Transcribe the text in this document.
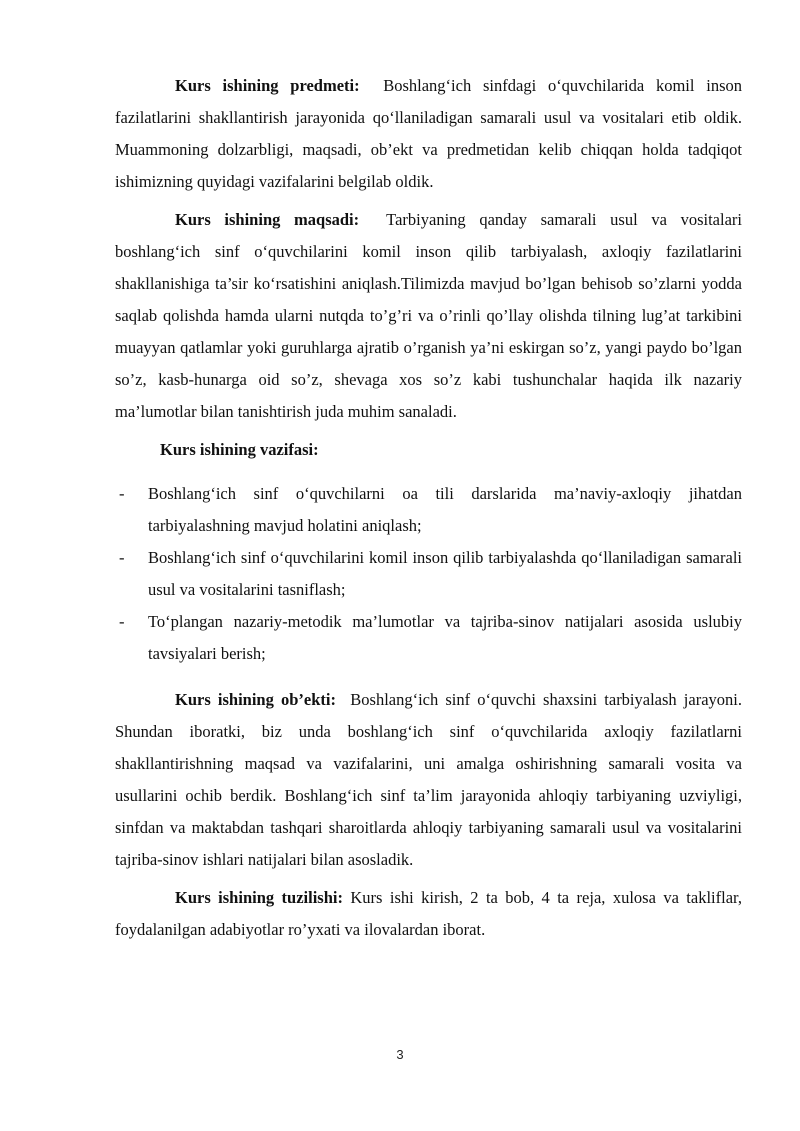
Kurs ishining predmeti: Boshlang‘ich sinfdagi o‘quvchilarida komil inson fazilatlarini shakllantirish jarayonida qo‘llaniladigan samarali usul va vositalari etib oldik. Muammoning dolzarbligi, maqsadi, ob’ekt va predmetidan kelib chiqqan holda tadqiqot ishimizning quyidagi vazifalarini belgilab oldik.

Kurs ishining maqsadi: Tarbiyaning qanday samarali usul va vositalari boshlang‘ich sinf o‘quvchilarini komil inson qilib tarbiyalash, axloqiy fazilatlarini shakllanishiga ta’sir ko‘rsatishini aniqlash.Tilimizda mavjud bo’lgan behisob so’zlarni yodda saqlab qolishda hamda ularni nutqda to’g’ri va o’rinli qo’llay olishda tilning lug’at tarkibini muayyan qatlamlar yoki guruhlarga ajratib o’rganish ya’ni eskirgan so’z, yangi paydo bo’lgan so’z, kasb-hunarga oid so’z, shevaga xos so’z kabi tushunchalar haqida ilk nazariy ma’lumotlar bilan tanishtirish juda muhim sanaladi.

Kurs ishining vazifasi:
- Boshlang‘ich sinf o‘quvchilarni oa tili darslarida ma’naviy-axloqiy jihatdan tarbiyalashning mavjud holatini aniqlash;
- Boshlang‘ich sinf o‘quvchilarini komil inson qilib tarbiyalashda qo‘llaniladigan samarali usul va vositalarini tasniflash;
- To‘plangan nazariy-metodik ma’lumotlar va tajriba-sinov natijalari asosida uslubiy tavsiyalari berish;

Kurs ishining ob’ekti: Boshlang‘ich sinf o‘quvchi shaxsini tarbiyalash jarayoni. Shundan iboratki, biz unda boshlang‘ich sinf o‘quvchilarida axloqiy fazilatlarni shakllantirishning maqsad va vazifalarini, uni amalga oshirishning samarali vosita va usullarini ochib berdik. Boshlang‘ich sinf ta’lim jarayonida ahloqiy tarbiyaning uzviyligi, sinfdan va maktabdan tashqari sharoitlarda ahloqiy tarbiyaning samarali usul va vositalarini tajriba-sinov ishlari natijalari bilan asosladik.

Kurs ishining tuzilishi: Kurs ishi kirish, 2 ta bob, 4 ta reja, xulosa va takliflar, foydalanilgan adabiyotlar ro’yxati va ilovalardan iborat.

3
